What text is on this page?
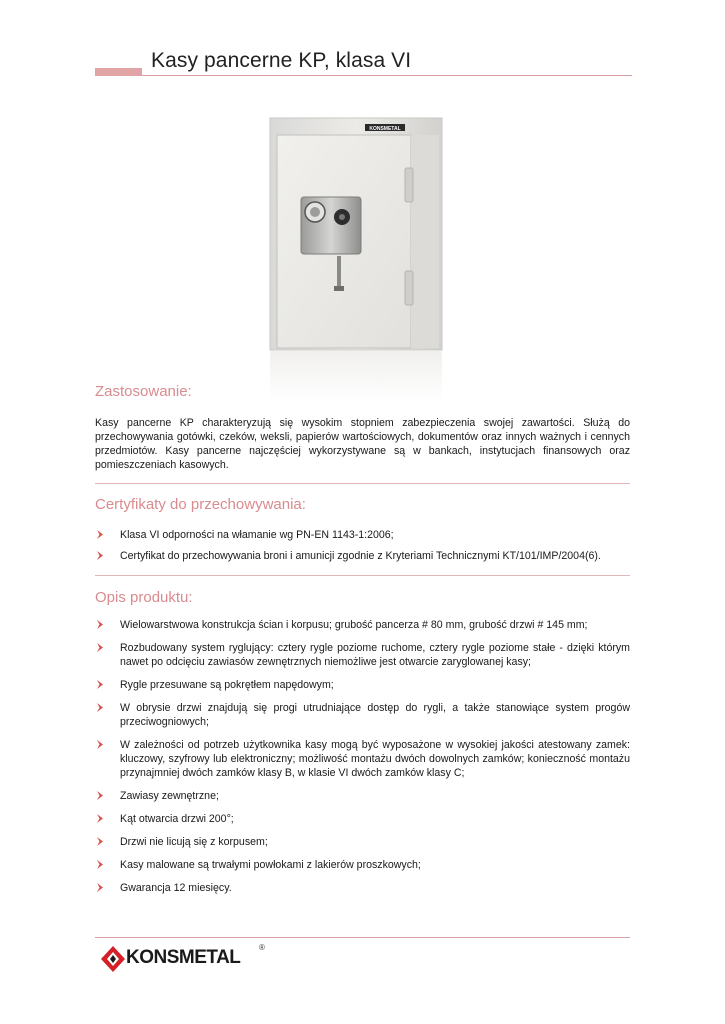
Kasy pancerne KP, klasa VI
KONSMETAL
Zastosowanie:
Kasy pancerne KP charakteryzują się wysokim stopniem zabezpieczenia swojej zawartości. Służą do przechowywania gotówki, czeków, weksli, papierów wartościowych, dokumentów oraz innych ważnych i cennych przedmiotów. Kasy pancerne najczęściej wykorzystywane są w bankach, instytucjach finansowych oraz pomieszczeniach kasowych.
Certyfikaty do przechowywania:
Klasa VI odporności na włamanie wg PN-EN 1143-1:2006;
Certyfikat do przechowywania broni i amunicji zgodnie z Kryteriami Technicznymi KT/101/IMP/2004(6).
Opis produktu:
Wielowarstwowa konstrukcja ścian i korpusu; grubość pancerza # 80 mm, grubość drzwi # 145 mm;
Rozbudowany system ryglujący: cztery rygle poziome ruchome, cztery rygle poziome stałe - dzięki którym nawet po odcięciu zawiasów zewnętrznych niemożliwe jest otwarcie zaryglowanej kasy;
Rygle przesuwane są pokrętłem napędowym;
W obrysie drzwi znajdują się progi utrudniające dostęp do rygli, a także stanowiące system progów przeciwogniowych;
W zależności od potrzeb użytkownika kasy mogą być wyposażone w wysokiej jakości atestowany zamek: kluczowy, szyfrowy lub elektroniczny; możliwość montażu dwóch dowolnych zamków; konieczność montażu przynajmniej dwóch zamków klasy B, w klasie VI dwóch zamków klasy C;
Zawiasy zewnętrzne;
Kąt otwarcia drzwi 200°;
Drzwi nie licują się z korpusem;
Kasy malowane są trwałymi powłokami z lakierów proszkowych;
Gwarancja 12 miesięcy.
KONSMETAL ®
